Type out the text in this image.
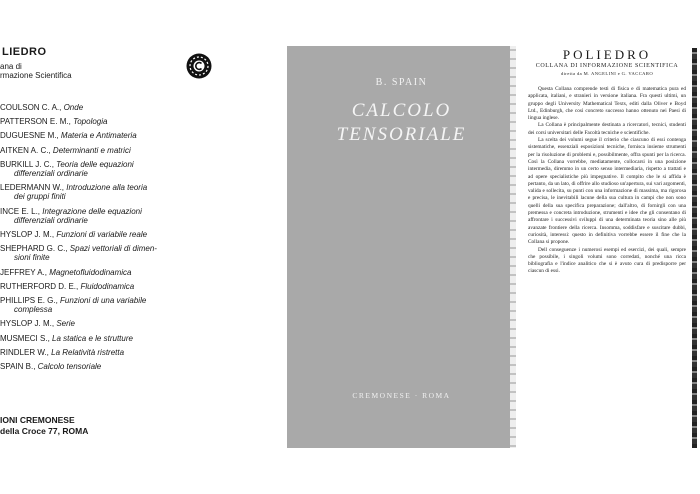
LIEDRO
ana di
rmazione Scientifica
COULSON C. A., Onde
PATTERSON E. M., Topologia
DUGUESNE M., Materia e Antimateria
AITKEN A. C., Determinanti e matrici
BURKILL J. C., Teoria delle equazioni
differenziali ordinarie
LEDERMANN W., Introduzione alla teoria
dei gruppi finiti
INCE E. L., Integrazione delle equazioni
differenziali ordinarie
HYSLOP J. M., Funzioni di variabile reale
SHEPHARD G. C., Spazi vettoriali di dimen-
sioni finite
JEFFREY A., Magnetofluidodinamica
RUTHERFORD D. E., Fluidodinamica
PHILLIPS E. G., Funzioni di una variabile
complessa
HYSLOP J. M., Serie
MUSMECI S., La statica e le strutture
RINDLER W., La Relatività ristretta
SPAIN B., Calcolo tensoriale
IONI CREMONESE
della Croce 77, ROMA
B. SPAIN
CALCOLO
TENSORIALE
CREMONESE · ROMA
POLIEDRO
COLLANA DI INFORMAZIONE SCIENTIFICA
diretta da M. ANGELINI e G. VACCARO

Questa Collana comprende testi di fisica e di matematica pura ed applicata, italiani, e stranieri in versione italiana. Fra questi ultimi, un gruppo degli University Mathematical Texts, editi dalla Oliver e Boyd Ltd., Edinburgh, che così concreto successo hanno ottenuto nei Paesi di lingua inglese.

La Collana è principalmente destinata a ricercatori, tecnici, studenti dei corsi universitari delle Facoltà tecniche e scientifiche.

La scelta dei volumi segue il criterio che ciascuno di essi contenga sistematiche, essenziali esposizioni tecniche, fornisca insieme strumenti per la risoluzione di problemi e, possibilmente, offra spunti per la ricerca. Così la Collana vorrebbe, mediatamente, collocarsi in una posizione intermedia, diremmo in un certo senso intermediaria, rispetto a trattati e ad opere specialistiche più impegnative. Il compito che le si affida è pertanto, da un lato, di offrire allo studioso un'apertura, sui vari argomenti, valida e sollecita, su punti con una informazione di massima, ma rigorosa e precisa, le inevitabili lacune della sua cultura in campi che non sono quelli della sua specifica preparazione; dall'altro, di fornirgli con una premessa e concreta introduzione, strumenti e idee che gli consentano di affrontare i successivi sviluppi di una determinata teoria sino alle più avanzate frontiere della ricerca. Insomma, soddisfare e suscitare dubbi, curiosità, interessi: questo in definitiva vorrebbe essere il fine che la Collana si propone.

Dell conseguenze i numerosi esempi ed esercizi, dei quali, sempre che possibile, i singoli volumi sono corredati, nonché una ricca bibliografia e l'indice analitico che si è avuto cura di predisporre per ciascun di essi.
